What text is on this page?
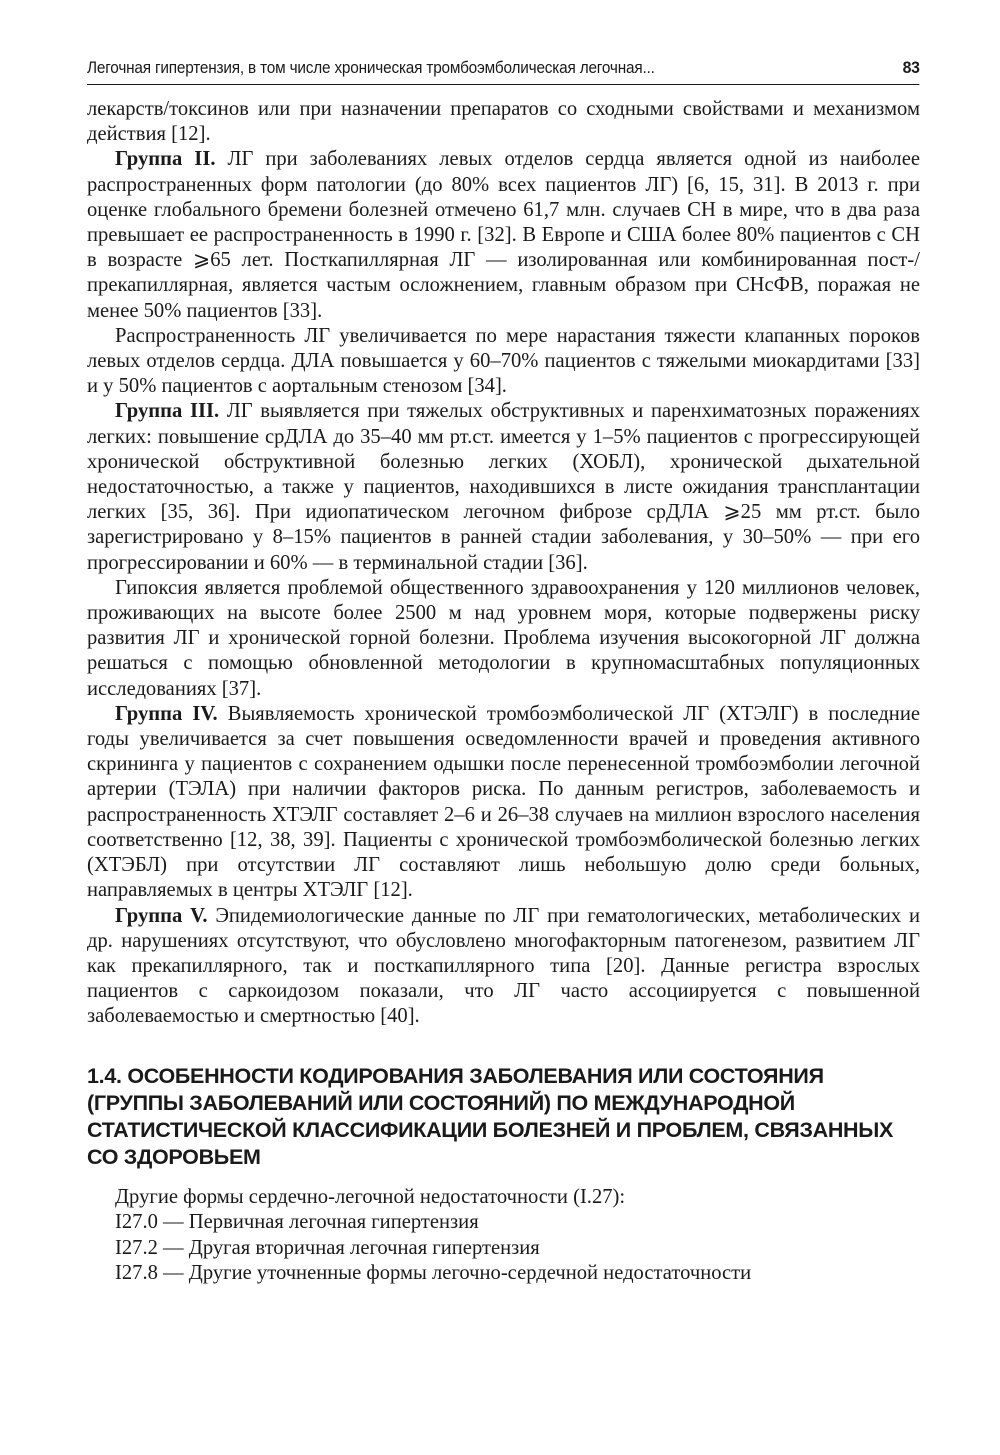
Легочная гипертензия, в том числе хроническая тромбоэмболическая легочная...	83

лекарств/токсинов или при назначении препаратов со сходными свойствами и механизмом действия [12].

Группа II. ЛГ при заболеваниях левых отделов сердца является одной из наиболее распространенных форм патологии (до 80% всех пациентов ЛГ) [6, 15, 31]. В 2013 г. при оценке глобального бремени болезней отмечено 61,7 млн. случаев СН в мире, что в два раза превышает ее распространенность в 1990 г. [32]. В Европе и США более 80% пациентов с СН в возрасте ⩾65 лет. Посткапиллярная ЛГ — изолированная или комбинированная пост-/прекапиллярная, является частым осложнением, главным образом при СНсФВ, поражая не менее 50% пациентов [33].

Распространенность ЛГ увеличивается по мере нарастания тяжести клапанных пороков левых отделов сердца. ДЛА повышается у 60–70% пациентов с тяжелыми миокардитами [33] и у 50% пациентов с аортальным стенозом [34].

Группа III. ЛГ выявляется при тяжелых обструктивных и паренхиматозных поражениях легких: повышение срДЛА до 35–40 мм рт.ст. имеется у 1–5% пациентов с прогрессирующей хронической обструктивной болезнью легких (ХОБЛ), хронической дыхательной недостаточностью, а также у пациентов, находившихся в листе ожидания трансплантации легких [35, 36]. При идиопатическом легочном фиброзе срДЛА ⩾25 мм рт.ст. было зарегистрировано у 8–15% пациентов в ранней стадии заболевания, у 30–50% — при его прогрессировании и 60% — в терминальной стадии [36].

Гипоксия является проблемой общественного здравоохранения у 120 миллионов человек, проживающих на высоте более 2500 м над уровнем моря, которые подвержены риску развития ЛГ и хронической горной болезни. Проблема изучения высокогорной ЛГ должна решаться с помощью обновленной методологии в крупномасштабных популяционных исследованиях [37].

Группа IV. Выявляемость хронической тромбоэмболической ЛГ (ХТЭЛГ) в последние годы увеличивается за счет повышения осведомленности врачей и проведения активного скрининга у пациентов с сохранением одышки после перенесенной тромбоэмболии легочной артерии (ТЭЛА) при наличии факторов риска. По данным регистров, заболеваемость и распространенность ХТЭЛГ составляет 2–6 и 26–38 случаев на миллион взрослого населения соответственно [12, 38, 39]. Пациенты с хронической тромбоэмболической болезнью легких (ХТЭБЛ) при отсутствии ЛГ составляют лишь небольшую долю среди больных, направляемых в центры ХТЭЛГ [12].

Группа V. Эпидемиологические данные по ЛГ при гематологических, метаболических и др. нарушениях отсутствуют, что обусловлено многофакторным патогенезом, развитием ЛГ как прекапиллярного, так и посткапиллярного типа [20]. Данные регистра взрослых пациентов с саркоидозом показали, что ЛГ часто ассоциируется с повышенной заболеваемостью и смертностью [40].

1.4. ОСОБЕННОСТИ КОДИРОВАНИЯ ЗАБОЛЕВАНИЯ ИЛИ СОСТОЯНИЯ (ГРУППЫ ЗАБОЛЕВАНИЙ ИЛИ СОСТОЯНИЙ) ПО МЕЖДУНАРОДНОЙ СТАТИСТИЧЕСКОЙ КЛАССИФИКАЦИИ БОЛЕЗНЕЙ И ПРОБЛЕМ, СВЯЗАННЫХ СО ЗДОРОВЬЕМ
Другие формы сердечно-легочной недостаточности (I.27):
I27.0 — Первичная легочная гипертензия
I27.2 — Другая вторичная легочная гипертензия
I27.8 — Другие уточненные формы легочно-сердечной недостаточности
